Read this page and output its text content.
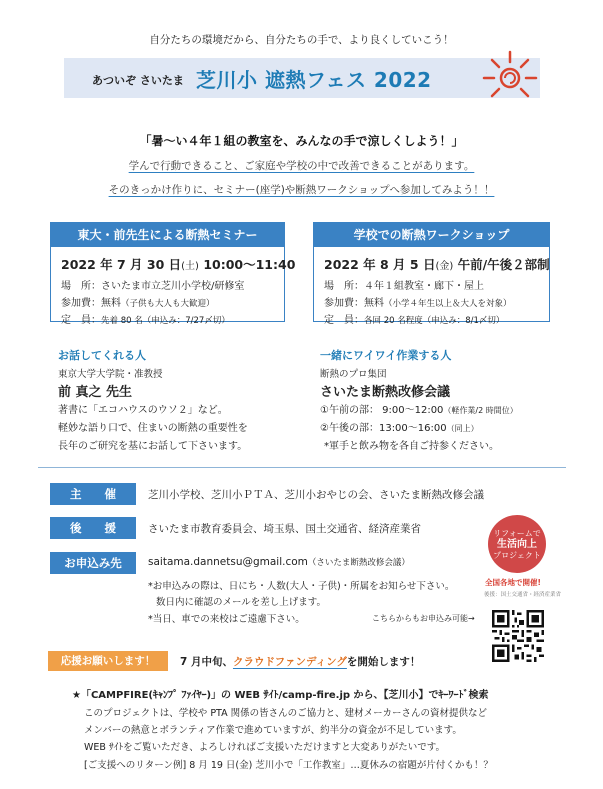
自分たちの環境だから、自分たちの手で、より良くしていこう！
あついぞ さいたま 芝川小 遮熱フェス 2022
「暑～い４年１組の教室を、みんなの手で涼しくしよう！」
学んで行動できること、ご家庭や学校の中で改善できることがあります。
そのきっかけ作りに、セミナー(座学)や断熱ワークショップへ参加してみよう！！
東大・前先生による断熱セミナー
2022 年 7 月 30 日(土) 10:00～11:40
場　所：さいたま市立芝川小学校/研修室
参加費：無料（子供も大人も大歓迎）
定　員：先着 80 名（申込み：7/27〆切）
学校での断熱ワークショップ
2022 年 8 月 5 日(金) 午前/午後２部制
場　所：４年１組教室・廊下・屋上
参加費：無料（小学４年生以上＆大人を対象）
定　員：各回 20 名程度（申込み：8/1〆切）
お話してくれる人
東京大学大学院・准教授
前 真之 先生
著書に「エコハウスのウソ２」など。
軽妙な語り口で、住まいの断熱の重要性を
長年のご研究を基にお話して下さいます。
一緒にワイワイ作業する人
断熱のプロ集団
さいたま断熱改修会議
①午前の部： 9:00～12:00（軽作業/2 時間位）
②午後の部：13:00～16:00（同上）
*軍手と飲み物を各自ご持参ください。
主　　催	芝川小学校、芝川小ＰＴＡ、芝川小おやじの会、さいたま断熱改修会議
後　　援	さいたま市教育委員会、埼玉県、国土交通省、経済産業省
お申込み先	saitama.dannetsu@gmail.com（さいたま断熱改修会議）
*お申込みの際は、日にち・人数(大人・子供)・所属をお知らせ下さい。
数日内に確認のメールを差し上げます。
*当日、車での来校はご遠慮下さい。	こちらからもお申込み可能→
リフォームで
生活向上
プロジェクト
全国各地で開催!
後援：国土交通省・経済産業省
応援お願いします！	7 月中旬、クラウドファンディングを開始します！
★「CAMPFIRE(ｷｬﾝﾌﾟ ﾌｧｲﾔｰ)」の WEB ｻｲﾄ/camp-fire.jp から、【芝川小】でｷｰﾜｰﾄﾞ検索
このプロジェクトは、学校や PTA 関係の皆さんのご協力と、建材メーカーさんの資材提供など
メンバーの熱意とボランティア作業で進めていますが、約半分の資金が不足しています。
WEB ｻｲﾄをご覧いただき、よろしければご支援いただけますと大変ありがたいです。
[ご支援へのリターン例] 8 月 19 日(金) 芝川小で「工作教室」…夏休みの宿題が片付くかも！？
